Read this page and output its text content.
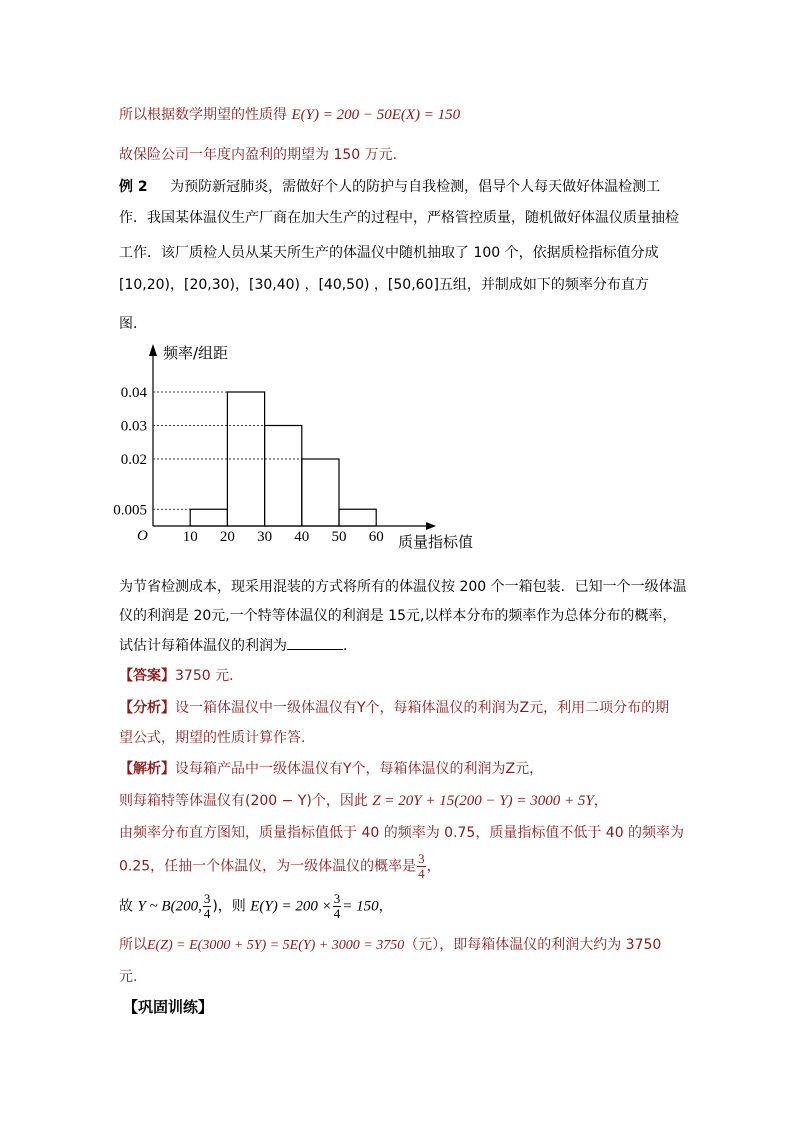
所以根据数学期望的性质得 E(Y) = 200 − 50E(X) = 150
故保险公司一年度内盈利的期望为 150 万元.
例 2 为预防新冠肺炎，需做好个人的防护与自我检测，倡导个人每天做好体温检测工
作．我国某体温仪生产厂商在加大生产的过程中，严格管控质量，随机做好体温仪质量抽检
工作．该厂质检人员从某天所生产的体温仪中随机抽取了 100 个，依据质检指标值分成
[10,20)，[20,30)，[30,40) ，[40,50) ，[50,60]五组，并制成如下的频率分布直方
图．
频率/组距
质量指标值
O
0.005
0.02
0.03
0.04
10 20 30 40 50 60
为节省检测成本，现采用混装的方式将所有的体温仪按 200 个一箱包装．已知一个一级体温
仪的利润是 20元,一个特等体温仪的利润是 15元,以样本分布的频率作为总体分布的概率，
试估计每箱体温仪的利润为	.
【答案】3750 元.
【分析】设一箱体温仪中一级体温仪有Y个，每箱体温仪的利润为Z元，利用二项分布的期
望公式，期望的性质计算作答.
【解析】设每箱产品中一级体温仪有Y个，每箱体温仪的利润为Z元，
则每箱特等体温仪有(200 − Y)个，因此 Z = 20Y + 15(200 − Y) = 3000 + 5Y，
由频率分布直方图知，质量指标值低于 40 的频率为 0.75，质量指标值不低于 40 的频率为
0.25，任抽一个体温仪，为一级体温仪的概率是 $\frac{3}{4}$ ，
故 Y ~ B(200, $\frac{3}{4}$ )，则 $E(Y) = 200 \times \frac{3}{4} = 150$，
所以E(Z) = E(3000 + 5Y) = 5E(Y) + 3000 = 3750（元），即每箱体温仪的利润大约为 3750
元.
【巩固训练】
